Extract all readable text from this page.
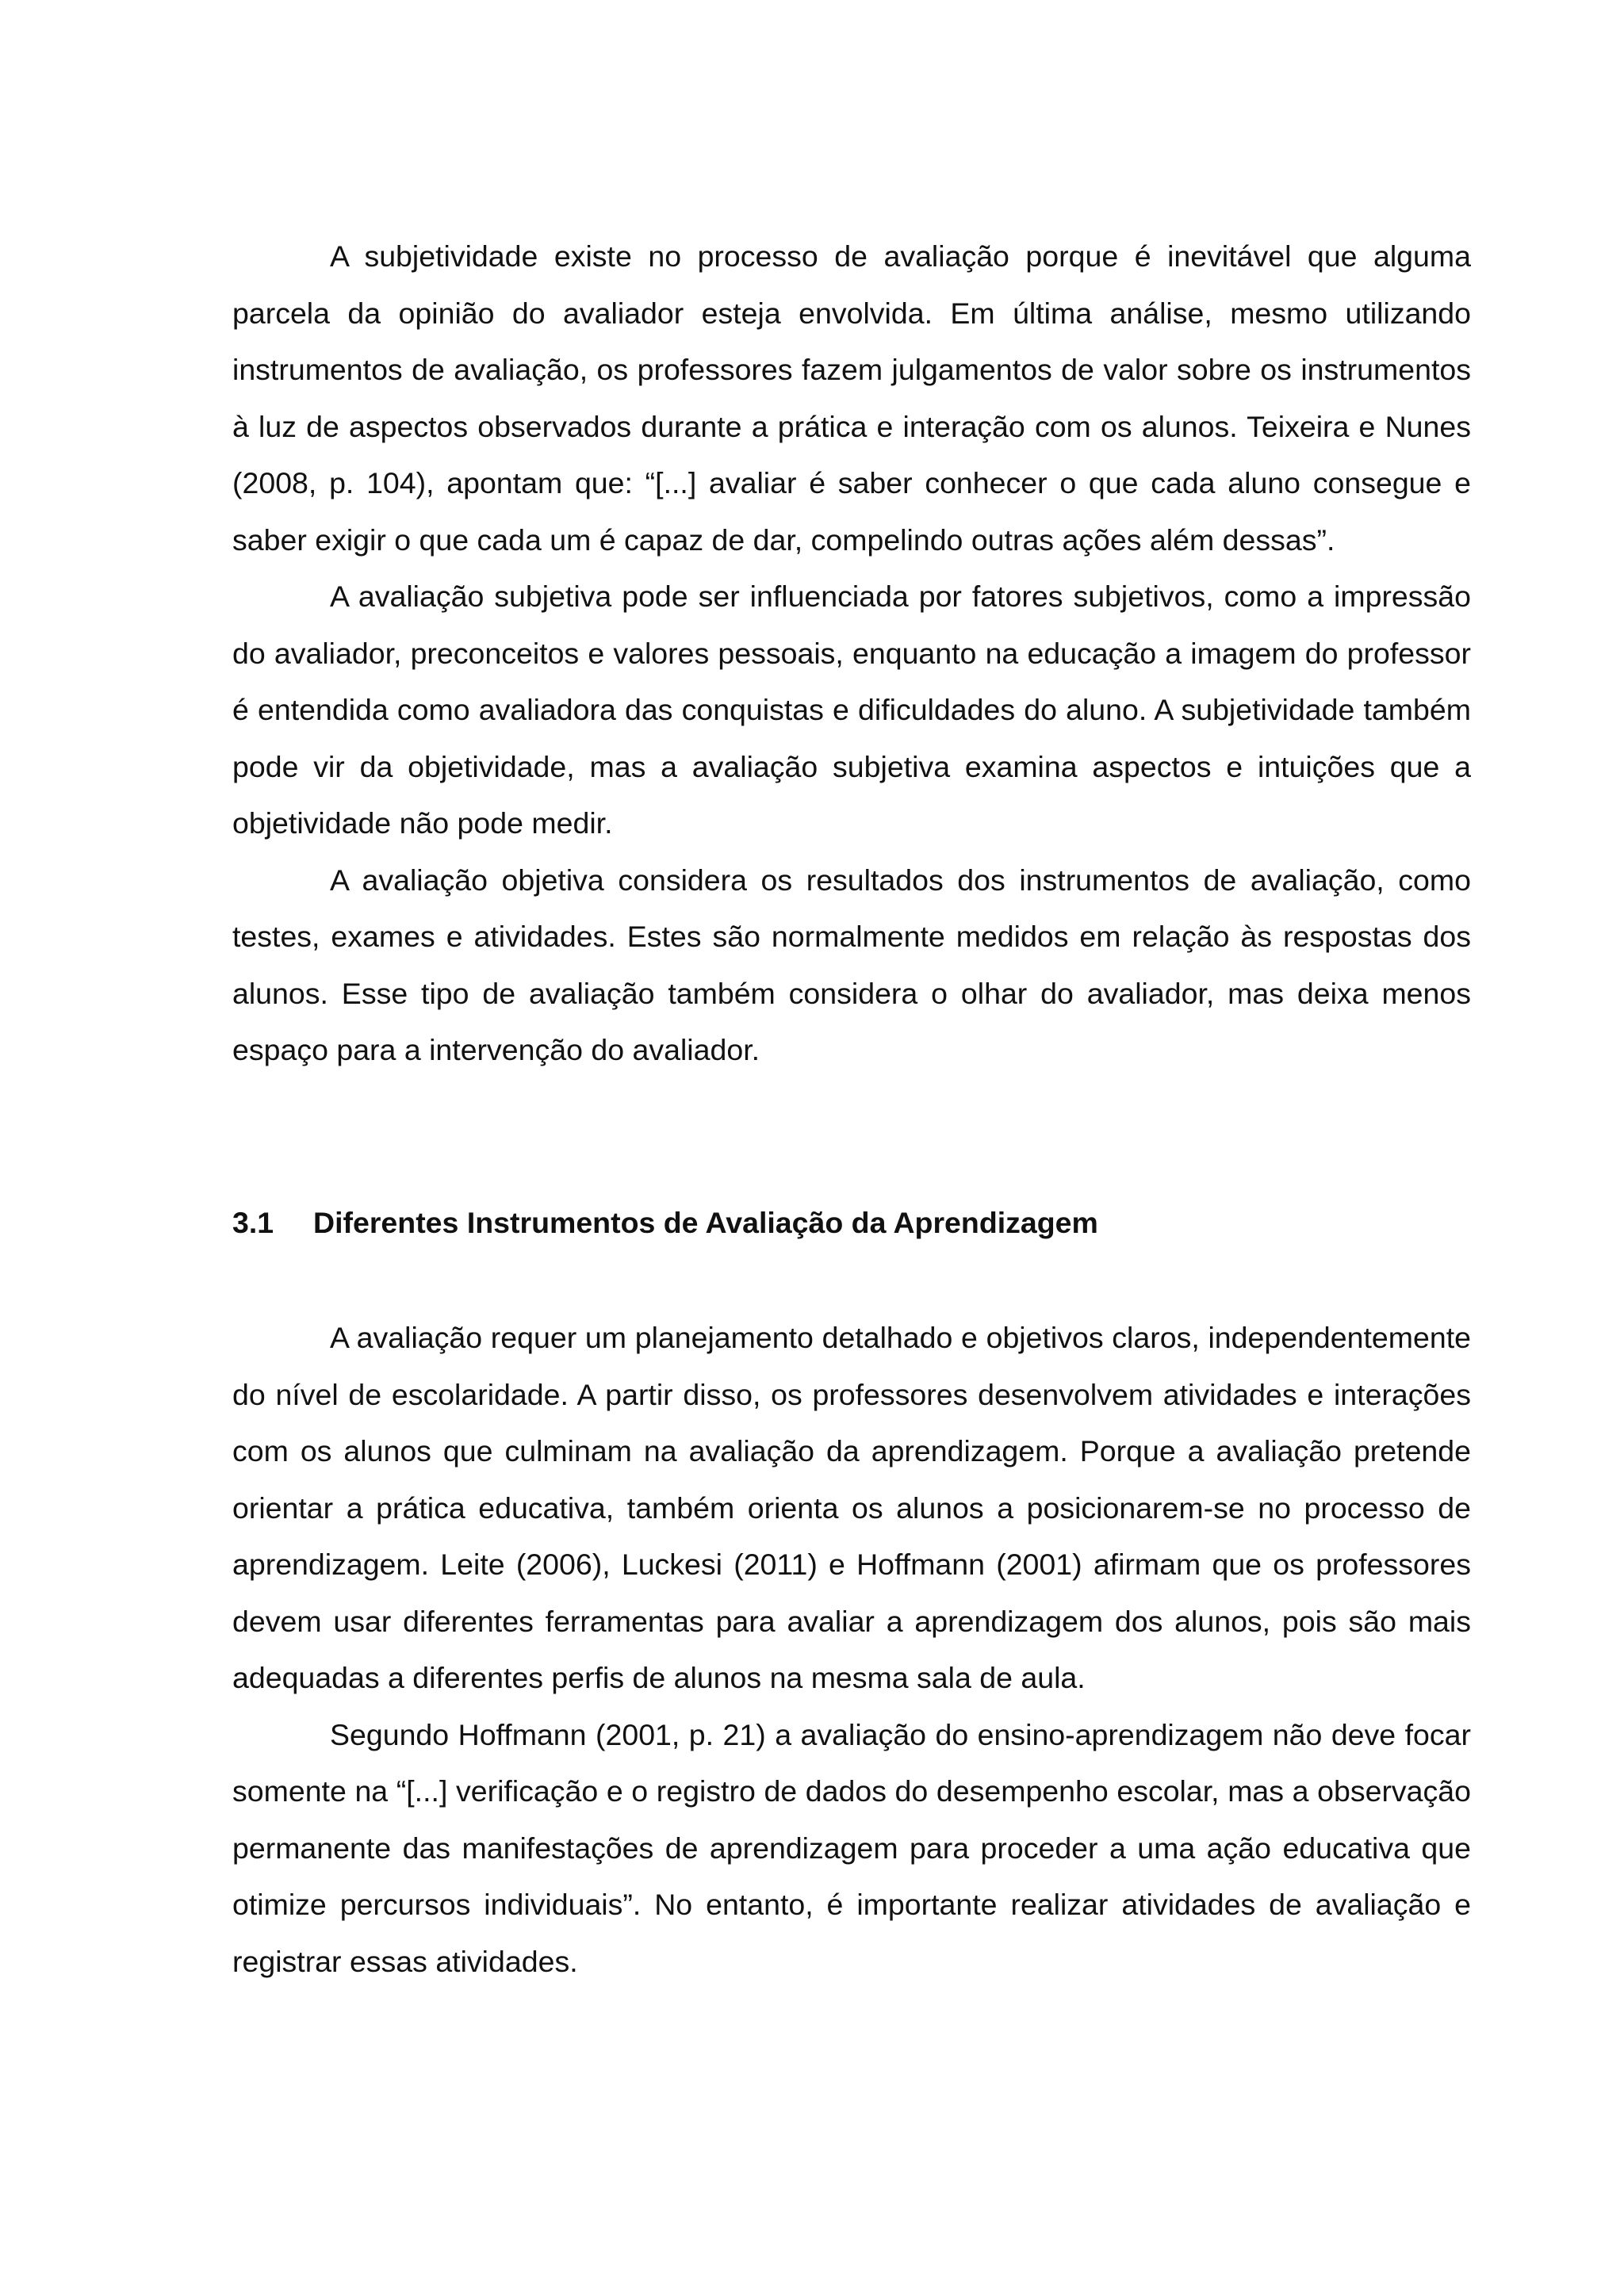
A subjetividade existe no processo de avaliação porque é inevitável que alguma parcela da opinião do avaliador esteja envolvida. Em última análise, mesmo utilizando instrumentos de avaliação, os professores fazem julgamentos de valor sobre os instrumentos à luz de aspectos observados durante a prática e interação com os alunos. Teixeira e Nunes (2008, p. 104), apontam que: “[...] avaliar é saber conhecer o que cada aluno consegue e saber exigir o que cada um é capaz de dar, compelindo outras ações além dessas”.

A avaliação subjetiva pode ser influenciada por fatores subjetivos, como a impressão do avaliador, preconceitos e valores pessoais, enquanto na educação a imagem do professor é entendida como avaliadora das conquistas e dificuldades do aluno. A subjetividade também pode vir da objetividade, mas a avaliação subjetiva examina aspectos e intuições que a objetividade não pode medir.

A avaliação objetiva considera os resultados dos instrumentos de avaliação, como testes, exames e atividades. Estes são normalmente medidos em relação às respostas dos alunos. Esse tipo de avaliação também considera o olhar do avaliador, mas deixa menos espaço para a intervenção do avaliador.

3.1	Diferentes Instrumentos de Avaliação da Aprendizagem

A avaliação requer um planejamento detalhado e objetivos claros, independentemente do nível de escolaridade. A partir disso, os professores desenvolvem atividades e interações com os alunos que culminam na avaliação da aprendizagem. Porque a avaliação pretende orientar a prática educativa, também orienta os alunos a posicionarem-se no processo de aprendizagem. Leite (2006), Luckesi (2011) e Hoffmann (2001) afirmam que os professores devem usar diferentes ferramentas para avaliar a aprendizagem dos alunos, pois são mais adequadas a diferentes perfis de alunos na mesma sala de aula.

Segundo Hoffmann (2001, p. 21) a avaliação do ensino-aprendizagem não deve focar somente na “[...] verificação e o registro de dados do desempenho escolar, mas a observação permanente das manifestações de aprendizagem para proceder a uma ação educativa que otimize percursos individuais”. No entanto, é importante realizar atividades de avaliação e registrar essas atividades.
